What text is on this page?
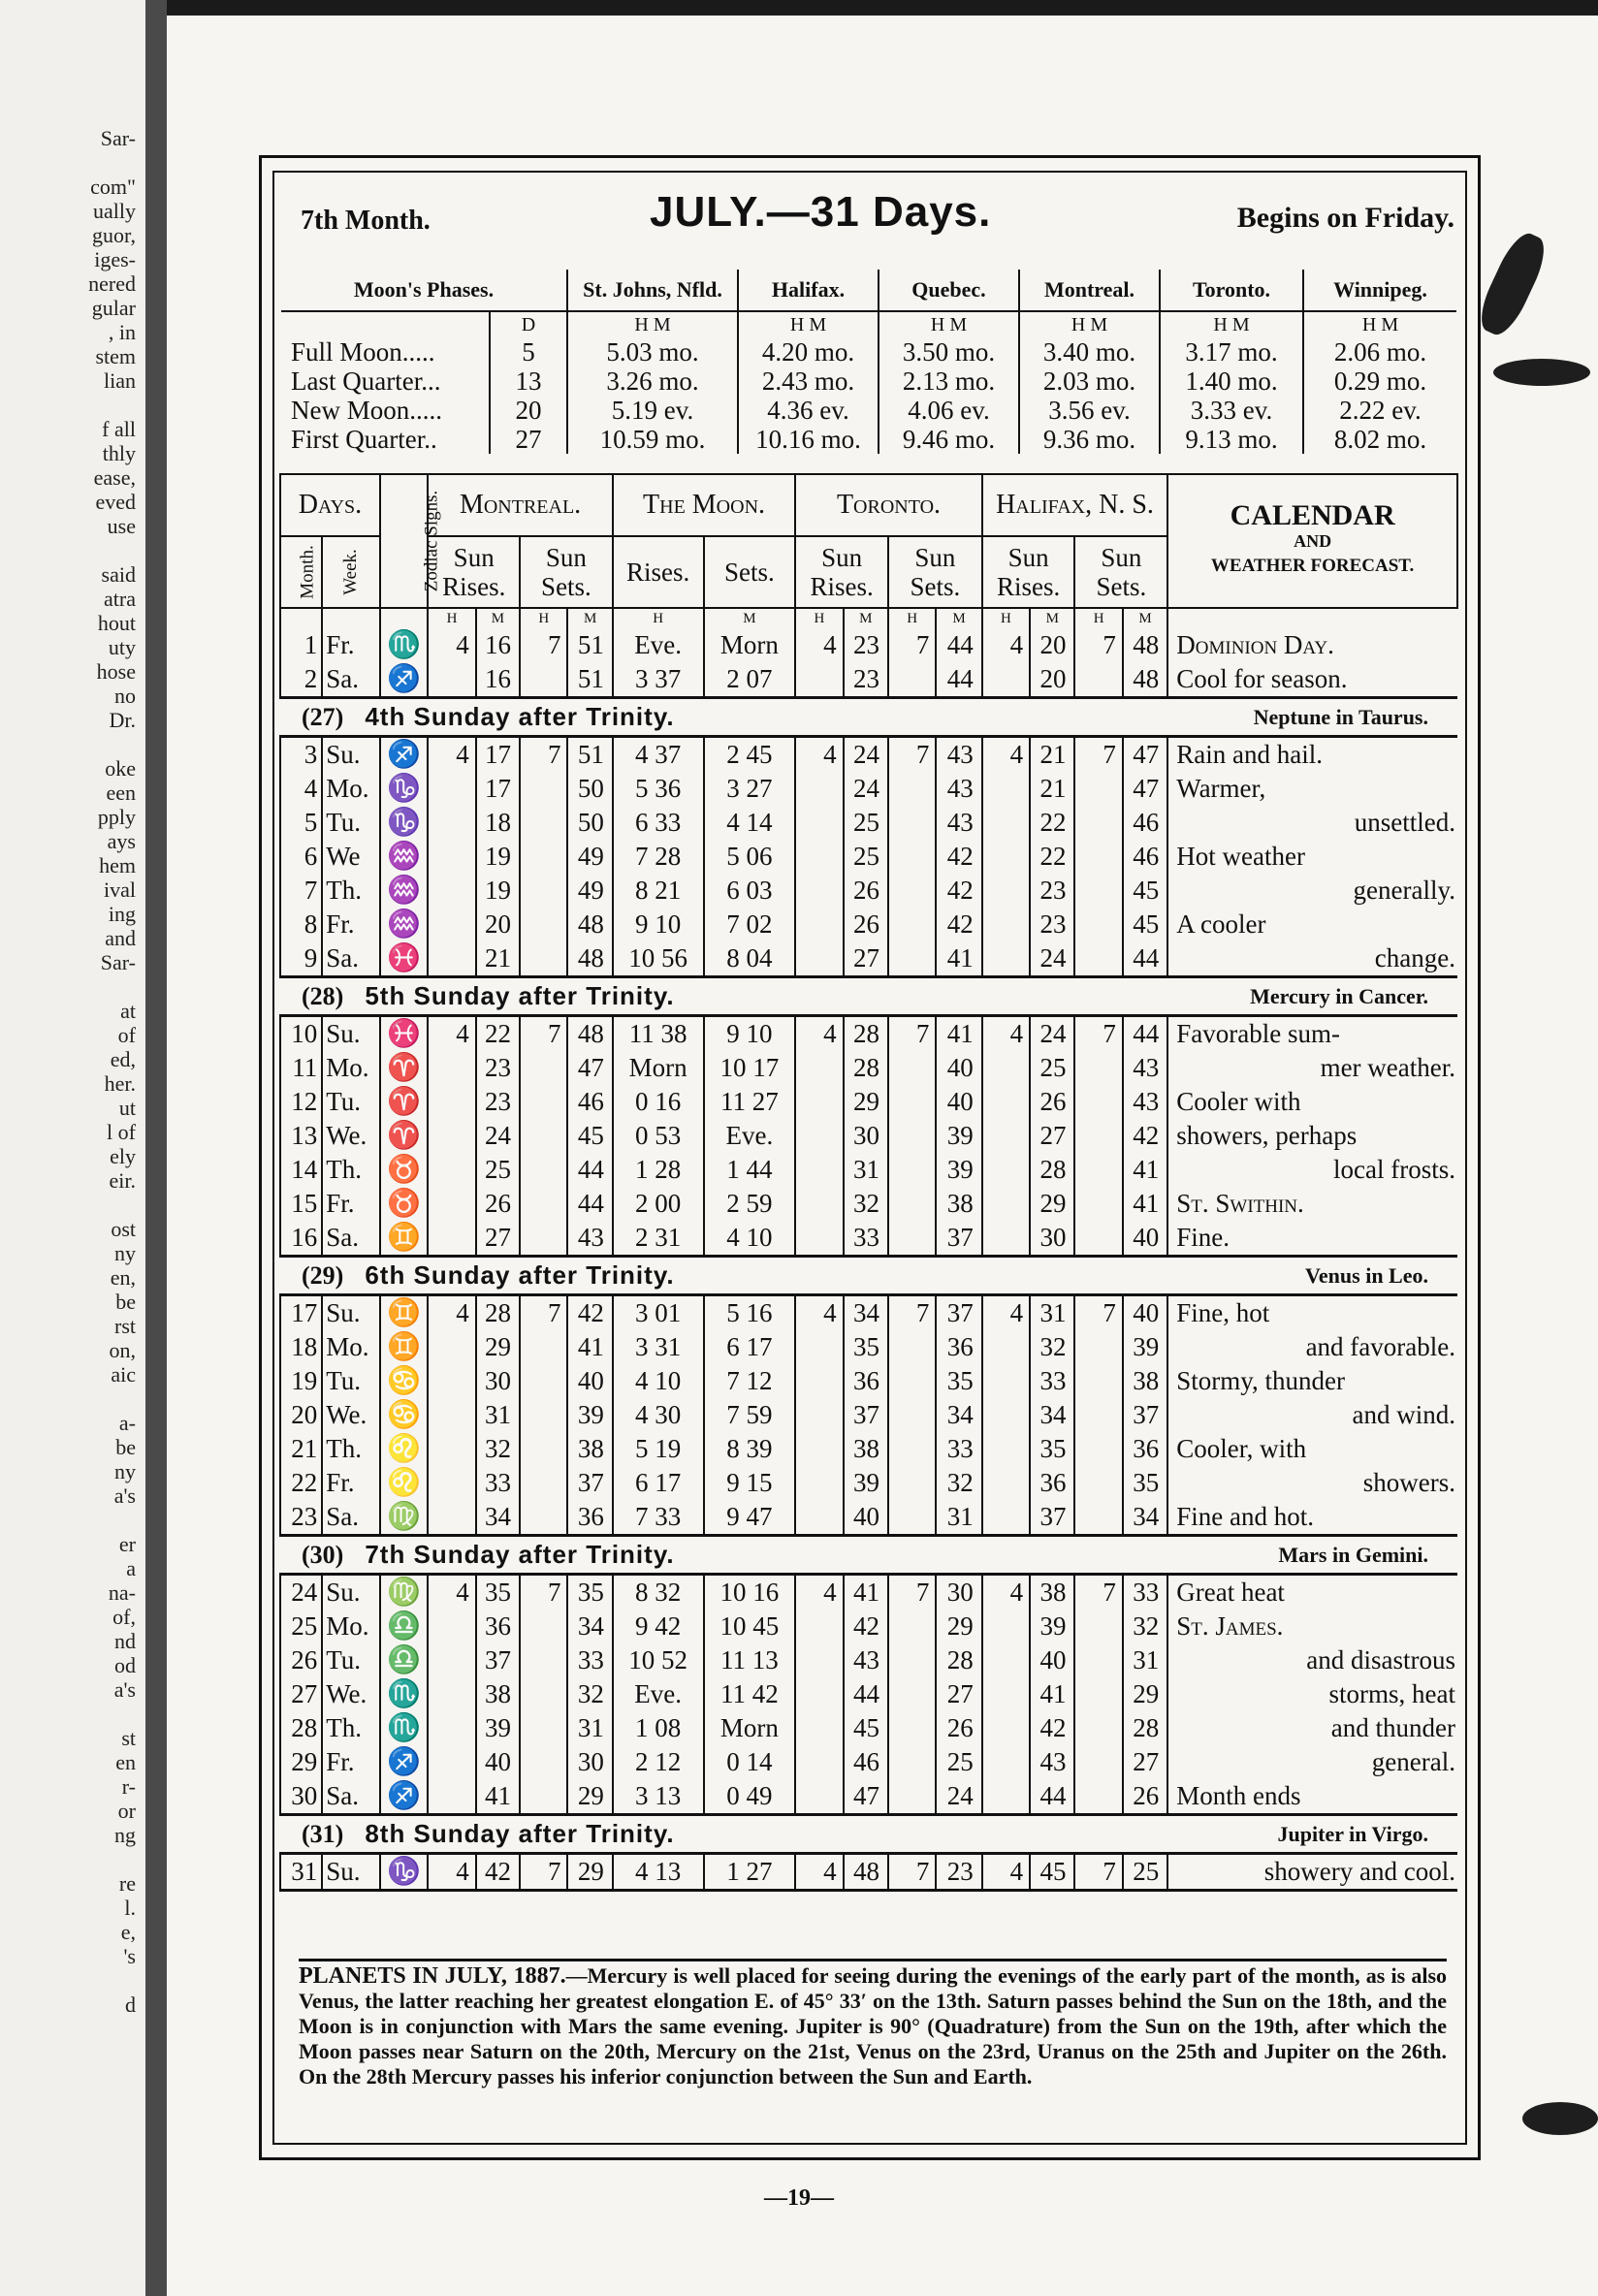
Sar-
com"
ually
guor,
iges-
nered
gular
, in
stem
lian
f all
thly
ease,
eved
use
said
atra
hout
uty
hose
no
Dr.
oke
een
pply
ays
hem
ival
ing
and
Sar-
at
of
ed,
her.
ut
l of
ely
eir.
ost
ny
en,
be
rst
on,
aic
a-
be
ny
a's
er
a
na-
of,
nd
od
a's
st
en
r-
or
ng
re
l.
e,
's
d
7th Month.	JULY.—31 Days.	Begins on Friday.
Moon's Phases.		St. Johns, Nfld.	Halifax.	Quebec.	Montreal.	Toronto.	Winnipeg.
	D	H M	H M	H M	H M	H M	H M
Full Moon.....	5	5.03 mo.	4.20 mo.	3.50 mo.	3.40 mo.	3.17 mo.	2.06 mo.
Last Quarter...	13	3.26 mo.	2.43 mo.	2.13 mo.	2.03 mo.	1.40 mo.	0.29 mo.
New Moon.....	20	5.19 ev.	4.36 ev.	4.06 ev.	3.56 ev.	3.33 ev.	2.22 ev.
First Quarter..	27	10.59 mo.	10.16 mo.	9.46 mo.	9.36 mo.	9.13 mo.	8.02 mo.
Days.		Zodiac Signs.	Montreal.				The Moon.		Toronto.				Halifax, N. S.				CALENDAR
AND
WEATHER FORECAST.

Month.	Week.		Sun Rises.		Sun Sets.		Rises.	Sets.	Sun Rises.		Sun Sets.		Sun Rises.		Sun Sets.		
			H	M	H	M	H	M	H	M	H	M	H	M	H	M	
1	Fr.	♏	4	16	7	51	Eve.	Morn	4	23	7	44	4	20	7	48	Dominion Day.
2	Sa.	♐		16		51	3 37	2 07		23		44		20		48	Cool for season.
(27) 4th Sunday after Trinity.													Neptune in Taurus.				
3	Su.	♐	4	17	7	51	4 37	2 45	4	24	7	43	4	21	7	47	Rain and hail.
4	Mo.	♑		17		50	5 36	3 27		24		43		21		47	Warmer,
5	Tu.	♑		18		50	6 33	4 14		25		43		22		46	unsettled.
6	We	♒		19		49	7 28	5 06		25		42		22		46	Hot weather
7	Th.	♒		19		49	8 21	6 03		26		42		23		45	generally.
8	Fr.	♒		20		48	9 10	7 02		26		42		23		45	A cooler
9	Sa.	♓		21		48	10 56	8 04		27		41		24		44	change.
(28) 5th Sunday after Trinity.													Mercury in Cancer.				
10	Su.	♓	4	22	7	48	11 38	9 10	4	28	7	41	4	24	7	44	Favorable sum-
11	Mo.	♈		23		47	Morn	10 17		28		40		25		43	mer weather.
12	Tu.	♈		23		46	0 16	11 27		29		40		26		43	Cooler with
13	We.	♈		24		45	0 53	Eve.		30		39		27		42	showers, perhaps
14	Th.	♉		25		44	1 28	1 44		31		39		28		41	local frosts.
15	Fr.	♉		26		44	2 00	2 59		32		38		29		41	St. Swithin.
16	Sa.	♊		27		43	2 31	4 10		33		37		30		40	Fine.
(29) 6th Sunday after Trinity.													Venus in Leo.				
17	Su.	♊	4	28	7	42	3 01	5 16	4	34	7	37	4	31	7	40	Fine, hot
18	Mo.	♊		29		41	3 31	6 17		35		36		32		39	and favorable.
19	Tu.	♋		30		40	4 10	7 12		36		35		33		38	Stormy, thunder
20	We.	♋		31		39	4 30	7 59		37		34		34		37	and wind.
21	Th.	♌		32		38	5 19	8 39		38		33		35		36	Cooler, with
22	Fr.	♌		33		37	6 17	9 15		39		32		36		35	showers.
23	Sa.	♍		34		36	7 33	9 47		40		31		37		34	Fine and hot.
(30) 7th Sunday after Trinity.													Mars in Gemini.				
24	Su.	♍	4	35	7	35	8 32	10 16	4	41	7	30	4	38	7	33	Great heat
25	Mo.	♎		36		34	9 42	10 45		42		29		39		32	St. James.
26	Tu.	♎		37		33	10 52	11 13		43		28		40		31	and disastrous
27	We.	♏		38		32	Eve.	11 42		44		27		41		29	storms, heat
28	Th.	♏		39		31	1 08	Morn		45		26		42		28	and thunder
29	Fr.	♐		40		30	2 12	0 14		46		25		43		27	general.
30	Sa.	♐		41		29	3 13	0 49		47		24		44		26	Month ends
(31) 8th Sunday after Trinity.													Jupiter in Virgo.				
31	Su.	♑	4	42	7	29	4 13	1 27	4	48	7	23	4	45	7	25	showery and cool.
PLANETS IN JULY, 1887.—Mercury is well placed for seeing during the evenings of the early part of the month, as is also Venus, the latter reaching her greatest elongation E. of 45° 33′ on the 13th. Saturn passes behind the Sun on the 18th, and the Moon is in conjunction with Mars the same evening. Jupiter is 90° (Quadrature) from the Sun on the 19th, after which the Moon passes near Saturn on the 20th, Mercury on the 21st, Venus on the 23rd, Uranus on the 25th and Jupiter on the 26th. On the 28th Mercury passes his inferior conjunction between the Sun and Earth.
—19—
